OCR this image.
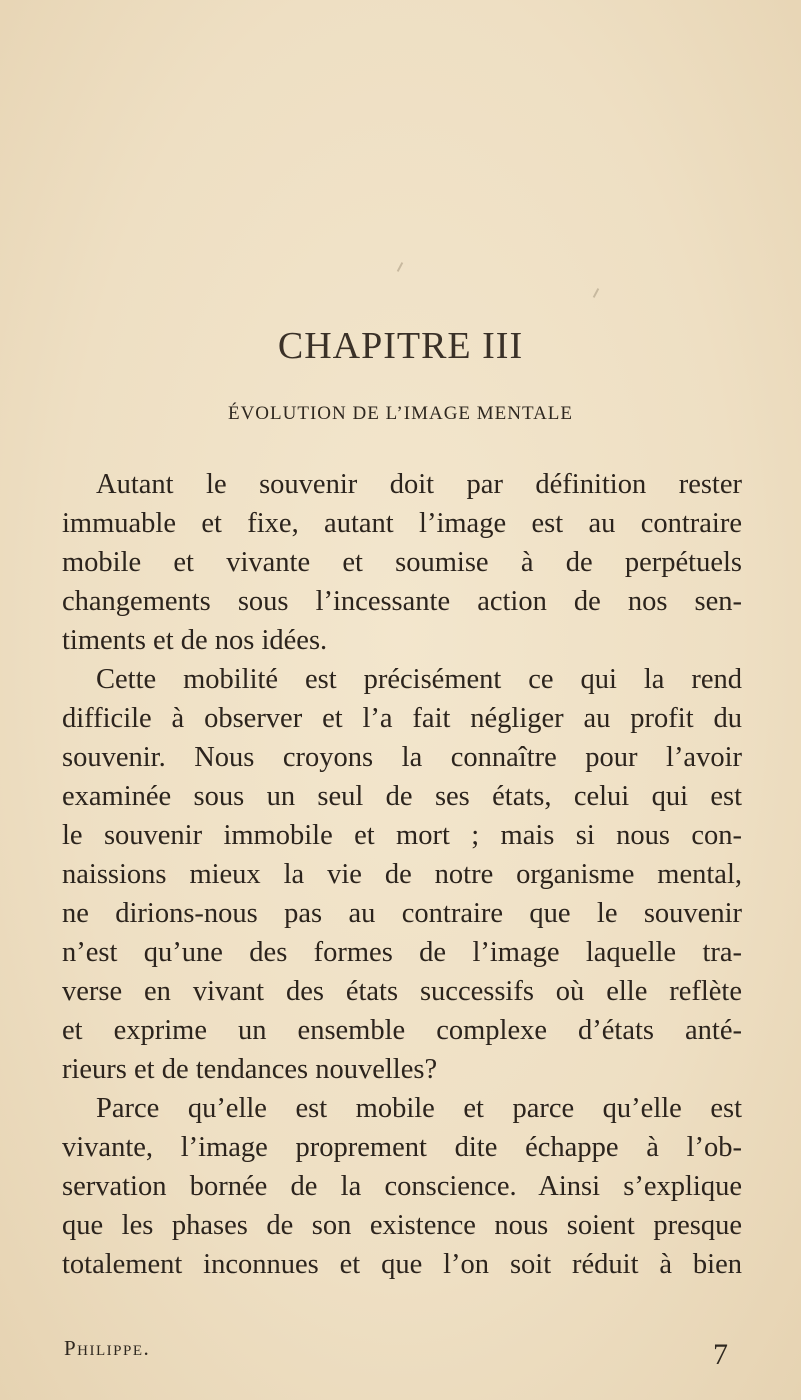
CHAPITRE III
ÉVOLUTION DE L’IMAGE MENTALE
Autant le souvenir doit par définition rester
immuable et fixe, autant l’image est au contraire
mobile et vivante et soumise à de perpétuels
changements sous l’incessante action de nos sen-
timents et de nos idées.
Cette mobilité est précisément ce qui la rend
difficile à observer et l’a fait négliger au profit du
souvenir. Nous croyons la connaître pour l’avoir
examinée sous un seul de ses états, celui qui est
le souvenir immobile et mort ; mais si nous con-
naissions mieux la vie de notre organisme mental,
ne dirions-nous pas au contraire que le souvenir
n’est qu’une des formes de l’image laquelle tra-
verse en vivant des états successifs où elle reflète
et exprime un ensemble complexe d’états anté-
rieurs et de tendances nouvelles?
Parce qu’elle est mobile et parce qu’elle est
vivante, l’image proprement dite échappe à l’ob-
servation bornée de la conscience. Ainsi s’explique
que les phases de son existence nous soient presque
totalement inconnues et que l’on soit réduit à bien
Philippe.	7
